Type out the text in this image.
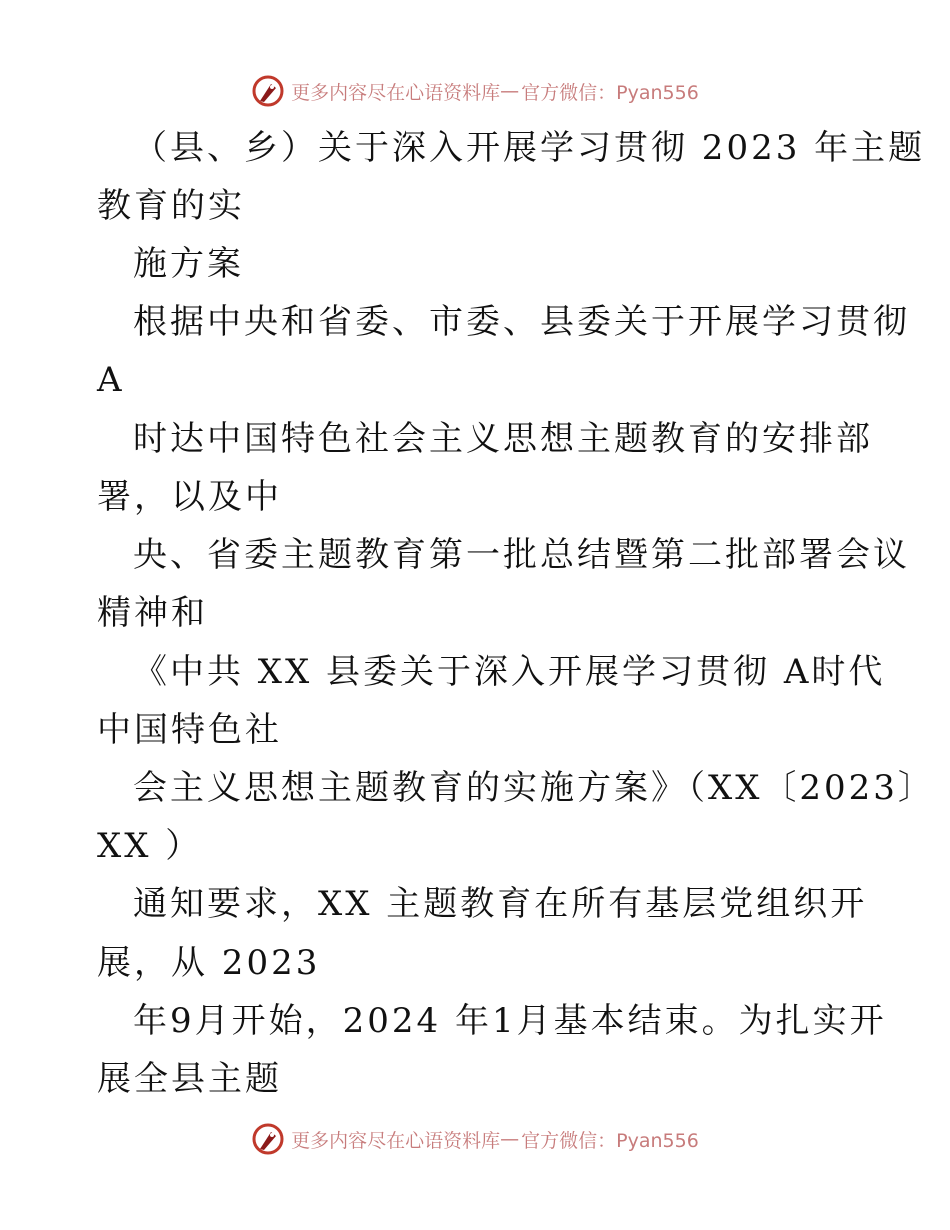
更多内容尽在心语资料库 — 官方微信：Pyan556
（县、乡）关于深入开展学习贯彻 2023 年主题
教育的实
施方案
根据中央和省委、市委、县委关于开展学习贯彻
A
时达中国特色社会主义思想主题教育的安排部
署，以及中
央、省委主题教育第一批总结暨第二批部署会议
精神和
《中共 XX 县委关于深入开展学习贯彻 A时代
中国特色社
会主义思想主题教育的实施方案》（XX〔2023〕
XX ）
通知要求，XX 主题教育在所有基层党组织开
展，从 2023
年9月开始，2024 年1月基本结束。为扎实开
展全县主题
更多内容尽在心语资料库 — 官方微信：Pyan556
